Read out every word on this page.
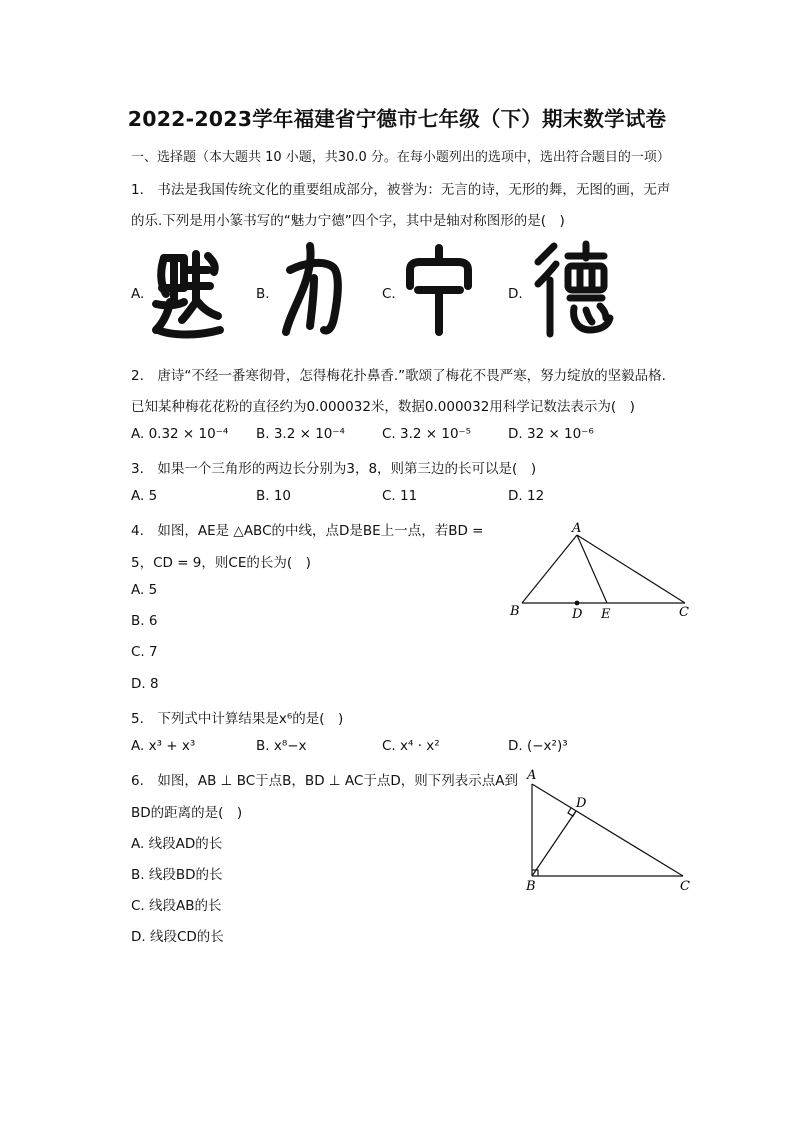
2022-2023学年福建省宁德市七年级（下）期末数学试卷
一、选择题（本大题共 10 小题，共30.0 分。在每小题列出的选项中，选出符合题目的一项）
1.　书法是我国传统文化的重要组成部分，被誉为：无言的诗，无形的舞，无图的画，无声
的乐.下列是用小篆书写的“魅力宁德”四个字，其中是轴对称图形的是(　)
A.	B.	C.	D.
2.　唐诗“不经一番寒彻骨，怎得梅花扑鼻香.”歌颂了梅花不畏严寒，努力绽放的坚毅品格.
已知某种梅花花粉的直径约为0.000032米，数据0.000032用科学记数法表示为(　)
A. 0.32 × 10⁻⁴ B. 3.2 × 10⁻⁴	C. 3.2 × 10⁻⁵	D. 32 × 10⁻⁶
3.　如果一个三角形的两边长分别为3，8，则第三边的长可以是(　)
A. 5	B. 10	C. 11	D. 12
4.　如图，AE是 △ABC的中线，点D是BE上一点，若BD =
5，CD = 9，则CE的长为(　)
A. 5
B. 6
C. 7
D. 8
A
B	D E	C
5.　下列式中计算结果是x⁶的是(　)
A. x³ + x³	B. x⁸−x	C. x⁴ · x²	D. (−x²)³
6.　如图，AB ⊥ BC于点B，BD ⊥ AC于点D，则下列表示点A到
BD的距离的是(　)
A. 线段AD的长
B. 线段BD的长
C. 线段AB的长
D. 线段CD的长
A
D
B	C
